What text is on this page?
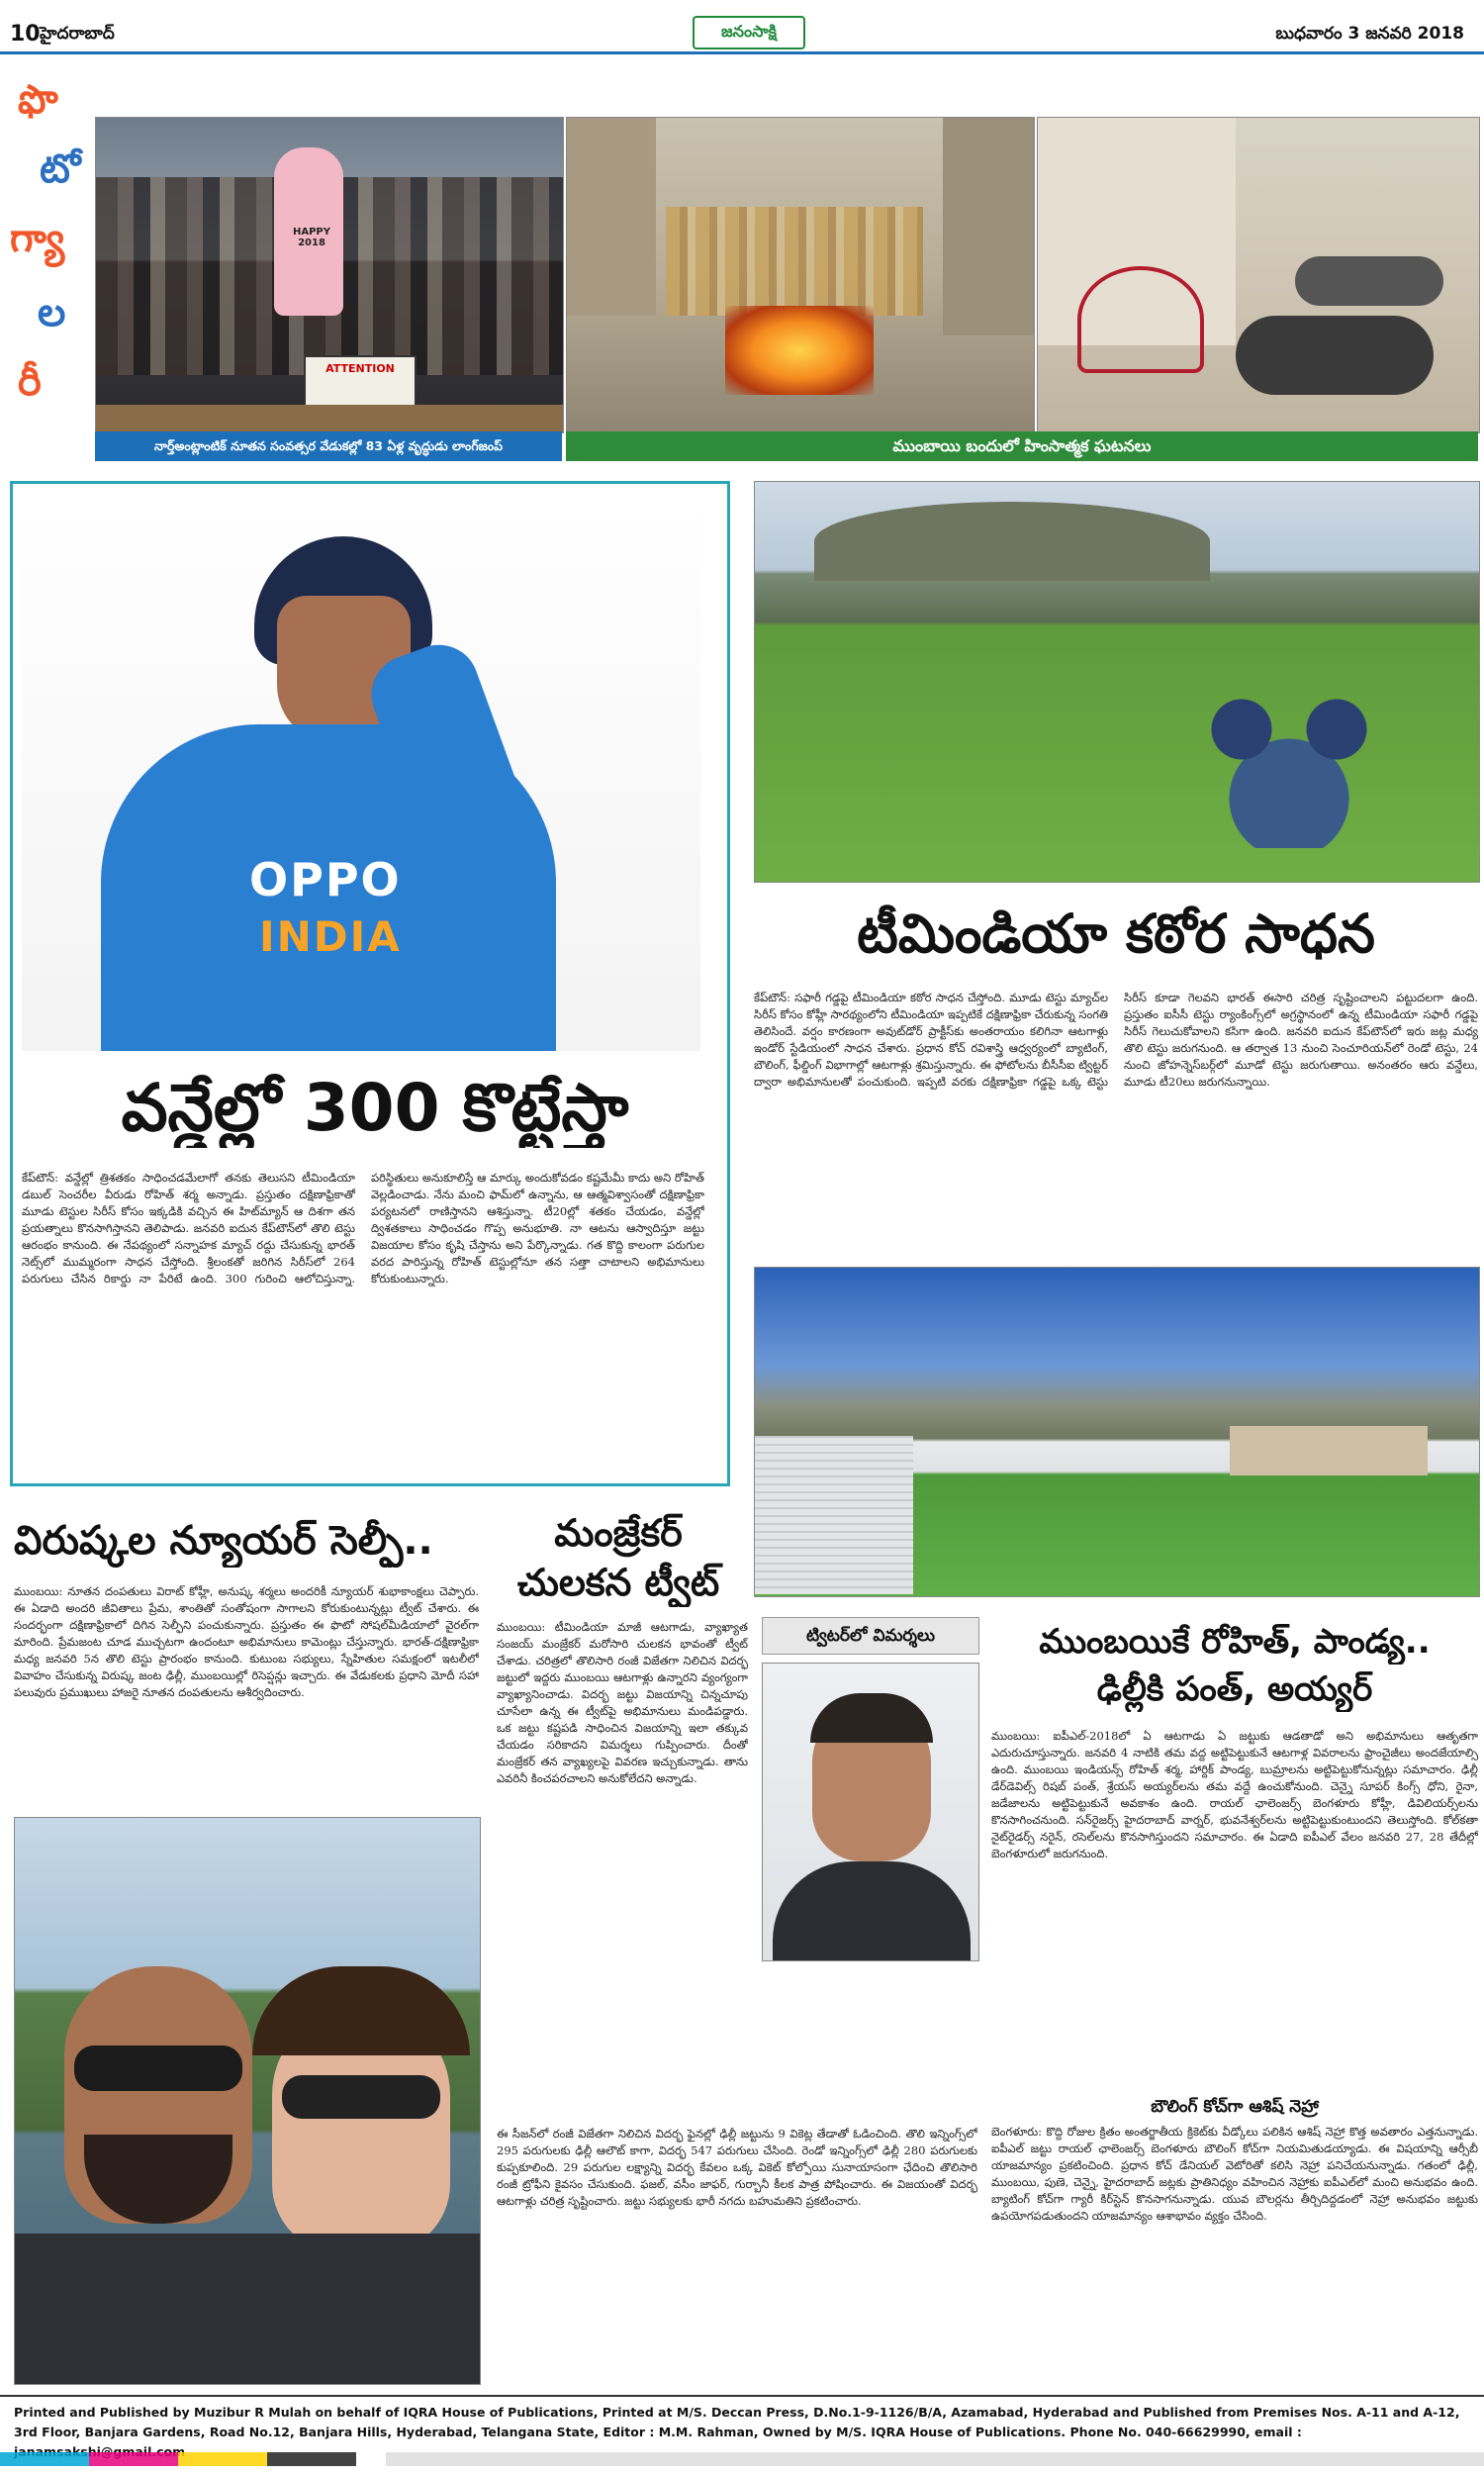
10 హైదరాబాద్	జనంసాక్షి	బుధవారం 3 జనవరి 2018
ఫొ
టో
గ్యా
ల
రీ
HAPPY 2018
ATTENTION
నార్త్‌అంట్లాంటిక్ నూతన సంవత్సర వేడుకల్లో 83 ఏళ్ల వృద్ధుడు లాంగ్‌జంప్	ముంబాయి బందులో హింసాత్మక ఘటనలు
OPPO
INDIA
వన్డేల్లో 300 కొట్టేస్తా
కేప్‌టౌన్‌: వన్డేల్లో త్రిశతకం సాధించడమేలాగో తనకు తెలుసని టీమిండియా డబుల్ సెంచరీల వీరుడు రోహిత్ శర్మ అన్నాడు. ప్రస్తుతం దక్షిణాఫ్రికాతో మూడు టెస్టుల సిరీస్ కోసం ఇక్కడికి వచ్చిన ఈ హిట్‌మ్యాన్‌ ఆ దిశగా తన ప్రయత్నాలు కొనసాగిస్తానని తెలిపాడు. జనవరి ఐదున కేప్‌టౌన్‌లో తొలి టెస్టు ఆరంభం కానుంది. ఈ నేపథ్యంలో సన్నాహక మ్యాచ్ రద్దు చేసుకున్న భారత్ నెట్స్‌లో ముమ్మరంగా సాధన చేస్తోంది. శ్రీలంకతో జరిగిన సిరీస్‌లో 264 పరుగులు చేసిన రికార్డు నా పేరిటే ఉంది. 300 గురించి ఆలోచిస్తున్నా. పరిస్థితులు అనుకూలిస్తే ఆ మార్కు అందుకోవడం కష్టమేమీ కాదు అని రోహిత్ వెల్లడించాడు. నేను మంచి ఫామ్‌లో ఉన్నాను, ఆ ఆత్మవిశ్వాసంతో దక్షిణాఫ్రికా పర్యటనలో రాణిస్తానని ఆశిస్తున్నా. టీ20ల్లో శతకం చేయడం, వన్డేల్లో ద్విశతకాలు సాధించడం గొప్ప అనుభూతి. నా ఆటను ఆస్వాదిస్తూ జట్టు విజయాల కోసం కృషి చేస్తాను అని పేర్కొన్నాడు. గత కొద్ది కాలంగా పరుగుల వరద పారిస్తున్న రోహిత్ టెస్టుల్లోనూ తన సత్తా చాటాలని అభిమానులు కోరుకుంటున్నారు.
టీమిండియా కఠోర సాధన
కేప్‌టౌన్‌: సఫారీ గడ్డపై టీమిండియా కఠోర సాధన చేస్తోంది. మూడు టెస్టు మ్యాచ్‌ల సిరీస్ కోసం కోహ్లీ సారథ్యంలోని టీమిండియా ఇప్పటికే దక్షిణాఫ్రికా చేరుకున్న సంగతి తెలిసిందే. వర్షం కారణంగా అవుట్‌డోర్ ప్రాక్టీస్‌కు అంతరాయం కలిగినా ఆటగాళ్లు ఇండోర్ స్టేడియంలో సాధన చేశారు. ప్రధాన కోచ్ రవిశాస్త్రి ఆధ్వర్యంలో బ్యాటింగ్, బౌలింగ్, ఫీల్డింగ్ విభాగాల్లో ఆటగాళ్లు శ్రమిస్తున్నారు. ఈ ఫోటోలను బీసీసీఐ ట్విట్టర్ ద్వారా అభిమానులతో పంచుకుంది. ఇప్పటి వరకు దక్షిణాఫ్రికా గడ్డపై ఒక్క టెస్టు సిరీస్ కూడా గెలవని భారత్ ఈసారి చరిత్ర సృష్టించాలని పట్టుదలగా ఉంది. ప్రస్తుతం ఐసీసీ టెస్టు ర్యాంకింగ్స్‌లో అగ్రస్థానంలో ఉన్న టీమిండియా సఫారీ గడ్డపై సిరీస్ గెలుచుకోవాలని కసిగా ఉంది. జనవరి ఐదున కేప్‌టౌన్‌లో ఇరు జట్ల మధ్య తొలి టెస్టు జరుగనుంది. ఆ తర్వాత 13 నుంచి సెంచూరియన్‌లో రెండో టెస్టు, 24 నుంచి జోహన్నెస్‌బర్గ్‌లో మూడో టెస్టు జరుగుతాయి. అనంతరం ఆరు వన్డేలు, మూడు టీ20లు జరుగనున్నాయి.
విరుష్కల న్యూయర్ సెల్ఫీ..
ముంబయి: నూతన దంపతులు విరాట్ కోహ్లీ, అనుష్క శర్మలు అందరికీ న్యూయర్ శుభాకాంక్షలు చెప్పారు. ఈ ఏడాది అందరి జీవితాలు ప్రేమ, శాంతితో సంతోషంగా సాగాలని కోరుకుంటున్నట్లు ట్వీట్ చేశారు. ఈ సందర్భంగా దక్షిణాఫ్రికాలో దిగిన సెల్ఫీని పంచుకున్నారు. ప్రస్తుతం ఈ ఫొటో సోషల్‌మీడియాలో వైరల్‌గా మారింది. ప్రేమజంట చూడ ముచ్చటగా ఉందంటూ అభిమానులు కామెంట్లు చేస్తున్నారు. భారత్-దక్షిణాఫ్రికా మధ్య జనవరి 5న తొలి టెస్టు ప్రారంభం కానుంది. కుటుంబ సభ్యులు, స్నేహితుల సమక్షంలో ఇటలీలో వివాహం చేసుకున్న విరుష్క జంట ఢిల్లీ, ముంబయిల్లో రిసెప్షన్లు ఇచ్చారు. ఈ వేడుకలకు ప్రధాని మోదీ సహా పలువురు ప్రముఖులు హాజరై నూతన దంపతులను ఆశీర్వదించారు.
మంజ్రేకర్
చులకన ట్వీట్
ముంబయి: టీమిండియా మాజీ ఆటగాడు, వ్యాఖ్యాత సంజయ్ మంజ్రేకర్ మరోసారి చులకన భావంతో ట్వీట్ చేశాడు. చరిత్రలో తొలిసారి రంజీ విజేతగా నిలిచిన విదర్భ జట్టులో ఇద్దరు ముంబయి ఆటగాళ్లు ఉన్నారని వ్యంగ్యంగా వ్యాఖ్యానించాడు. విదర్భ జట్టు విజయాన్ని చిన్నచూపు చూసేలా ఉన్న ఈ ట్వీట్‌పై అభిమానులు మండిపడ్డారు. ఒక జట్టు కష్టపడి సాధించిన విజయాన్ని ఇలా తక్కువ చేయడం సరికాదని విమర్శలు గుప్పించారు. దీంతో మంజ్రేకర్ తన వ్యాఖ్యలపై వివరణ ఇచ్చుకున్నాడు. తాను ఎవరినీ కించపరచాలని అనుకోలేదని అన్నాడు.
ట్విటర్‌లో విమర్శలు
ఈ సీజన్‌లో రంజీ విజేతగా నిలిచిన విదర్భ ఫైనల్లో ఢిల్లీ జట్టును 9 వికెట్ల తేడాతో ఓడించింది. తొలి ఇన్నింగ్స్‌లో 295 పరుగులకు ఢిల్లీ ఆలౌట్ కాగా, విదర్భ 547 పరుగులు చేసింది. రెండో ఇన్నింగ్స్‌లో ఢిల్లీ 280 పరుగులకు కుప్పకూలింది. 29 పరుగుల లక్ష్యాన్ని విదర్భ కేవలం ఒక్క వికెట్ కోల్పోయి సునాయాసంగా ఛేదించి తొలిసారి రంజీ ట్రోఫీని కైవసం చేసుకుంది. ఫజల్, వసీం జాఫర్, గుర్బానీ కీలక పాత్ర పోషించారు. ఈ విజయంతో విదర్భ ఆటగాళ్లు చరిత్ర సృష్టించారు. జట్టు సభ్యులకు భారీ నగదు బహుమతిని ప్రకటించారు.
ముంబయికే రోహిత్, పాండ్య..
ఢిల్లీకి పంత్, అయ్యర్
ముంబయి: ఐపీఎల్-2018లో ఏ ఆటగాడు ఏ జట్టుకు ఆడతాడో అని అభిమానులు ఆతృతగా ఎదురుచూస్తున్నారు. జనవరి 4 నాటికి తమ వద్ద అట్టిపెట్టుకునే ఆటగాళ్ల వివరాలను ఫ్రాంచైజీలు అందజేయాల్సి ఉంది. ముంబయి ఇండియన్స్ రోహిత్ శర్మ, హార్దిక్ పాండ్య, బుమ్రాలను అట్టిపెట్టుకోనున్నట్లు సమాచారం. ఢిల్లీ డేర్‌డెవిల్స్ రిషబ్ పంత్, శ్రేయస్ అయ్యర్‌లను తమ వద్దే ఉంచుకోనుంది. చెన్నై సూపర్ కింగ్స్ ధోని, రైనా, జడేజాలను అట్టిపెట్టుకునే అవకాశం ఉంది. రాయల్ ఛాలెంజర్స్ బెంగళూరు కోహ్లీ, డివిలియర్స్‌లను కొనసాగించనుంది. సన్‌రైజర్స్ హైదరాబాద్ వార్నర్, భువనేశ్వర్‌లను అట్టిపెట్టుకుంటుందని తెలుస్తోంది. కోల్‌కతా నైట్‌రైడర్స్ నరైన్, రసెల్‌లను కొనసాగిస్తుందని సమాచారం. ఈ ఏడాది ఐపీఎల్ వేలం జనవరి 27, 28 తేదీల్లో బెంగళూరులో జరుగనుంది.
బౌలింగ్ కోచ్‌గా ఆశిష్ నెహ్రా
బెంగళూరు: కొద్ది రోజుల క్రితం అంతర్జాతీయ క్రికెట్‌కు వీడ్కోలు పలికిన ఆశిష్ నెహ్రా కొత్త అవతారం ఎత్తనున్నాడు. ఐపీఎల్ జట్టు రాయల్ ఛాలెంజర్స్ బెంగళూరు బౌలింగ్ కోచ్‌గా నియమితుడయ్యాడు. ఈ విషయాన్ని ఆర్సీబీ యాజమాన్యం ప్రకటించింది. ప్రధాన కోచ్ డేనియల్ వెటోరితో కలిసి నెహ్రా పనిచేయనున్నాడు. గతంలో ఢిల్లీ, ముంబయి, పుణె, చెన్నై, హైదరాబాద్ జట్లకు ప్రాతినిధ్యం వహించిన నెహ్రాకు ఐపీఎల్‌లో మంచి అనుభవం ఉంది. బ్యాటింగ్ కోచ్‌గా గ్యారీ కిర్‌స్టెన్ కొనసాగనున్నాడు. యువ బౌలర్లను తీర్చిదిద్దడంలో నెహ్రా అనుభవం జట్టుకు ఉపయోగపడుతుందని యాజమాన్యం ఆశాభావం వ్యక్తం చేసింది.
Printed and Published by Muzibur R Mulah on behalf of IQRA House of Publications, Printed at M/S. Deccan Press, D.No.1-9-1126/B/A, Azamabad, Hyderabad and Published from Premises Nos. A-11 and A-12, 3rd Floor, Banjara Gardens, Road No.12, Banjara Hills, Hyderabad, Telangana State, Editor : M.M. Rahman, Owned by M/S. IQRA House of Publications. Phone No. 040-66629990, email :
